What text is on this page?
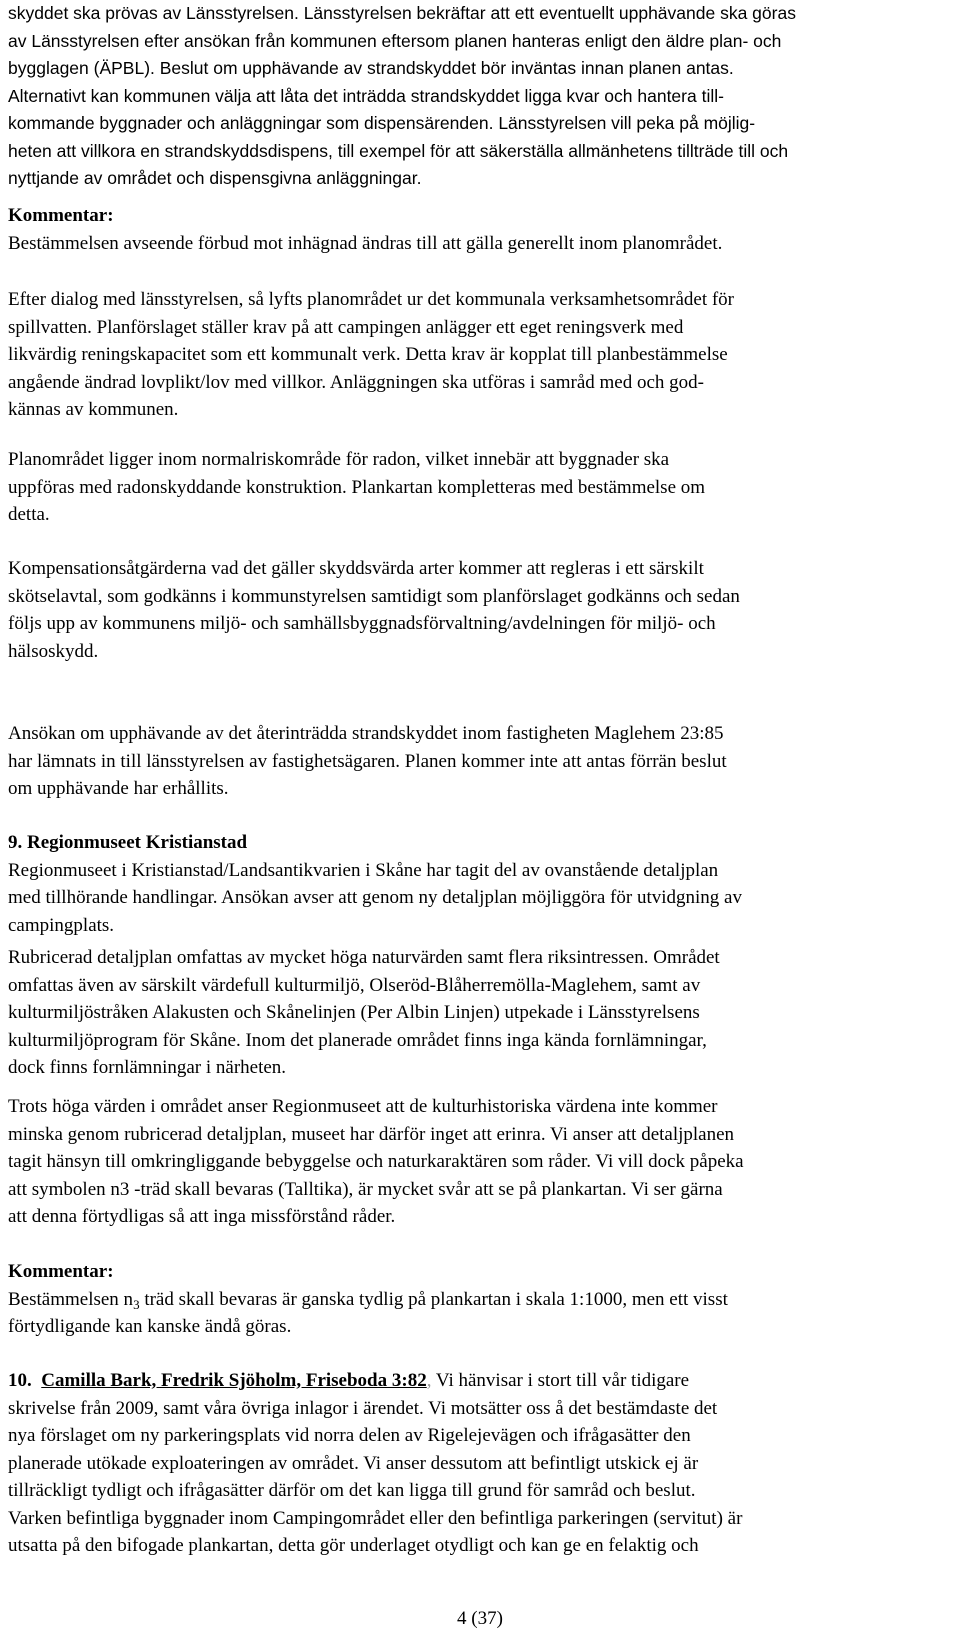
skyddet ska prövas av Länsstyrelsen. Länsstyrelsen bekräftar att ett eventuellt upphävande ska göras
av Länsstyrelsen efter ansökan från kommunen eftersom planen hanteras enligt den äldre plan- och
bygglagen (ÄPBL). Beslut om upphävande av strandskyddet bör inväntas innan planen antas.
Alternativt kan kommunen välja att låta det inträdda strandskyddet ligga kvar och hantera till-
kommande byggnader och anläggningar som dispensärenden. Länsstyrelsen vill peka på möjlig-
heten att villkora en strandskyddsdispens, till exempel för att säkerställa allmänhetens tillträde till och
nyttjande av området och dispensgivna anläggningar.

Kommentar:
Bestämmelsen avseende förbud mot inhägnad ändras till att gälla generellt inom planområdet.

Efter dialog med länsstyrelsen, så lyfts planområdet ur det kommunala verksamhetsområdet för
spillvatten. Planförslaget ställer krav på att campingen anlägger ett eget reningsverk med
likvärdig reningskapacitet som ett kommunalt verk. Detta krav är kopplat till planbestämmelse
angående ändrad lovplikt/lov med villkor. Anläggningen ska utföras i samråd med och god-
kännas av kommunen.

Planområdet ligger inom normalriskområde för radon, vilket innebär att byggnader ska
uppföras med radonskyddande konstruktion. Plankartan kompletteras med bestämmelse om
detta.

Kompensationsåtgärderna vad det gäller skyddsvärda arter kommer att regleras i ett särskilt
skötselavtal, som godkänns i kommunstyrelsen samtidigt som planförslaget godkänns och sedan
följs upp av kommunens miljö- och samhällsbyggnadsförvaltning/avdelningen för miljö- och
hälsoskydd.

Ansökan om upphävande av det återinträdda strandskyddet inom fastigheten Maglehem 23:85
har lämnats in till länsstyrelsen av fastighetsägaren. Planen kommer inte att antas förrän beslut
om upphävande har erhållits.

9. Regionmuseet Kristianstad
Regionmuseet i Kristianstad/Landsantikvarien i Skåne har tagit del av ovanstående detaljplan
med tillhörande handlingar. Ansökan avser att genom ny detaljplan möjliggöra för utvidgning av
campingplats.

Rubricerad detaljplan omfattas av mycket höga naturvärden samt flera riksintressen. Området
omfattas även av särskilt värdefull kulturmiljö, Olseröd-Blåherremölla-Maglehem, samt av
kulturmiljöstråken Alakusten och Skånelinjen (Per Albin Linjen) utpekade i Länsstyrelsens
kulturmiljöprogram för Skåne. Inom det planerade området finns inga kända fornlämningar,
dock finns fornlämningar i närheten.

Trots höga värden i området anser Regionmuseet att de kulturhistoriska värdena inte kommer
minska genom rubricerad detaljplan, museet har därför inget att erinra. Vi anser att detaljplanen
tagit hänsyn till omkringliggande bebyggelse och naturkaraktären som råder. Vi vill dock påpeka
att symbolen n3 -träd skall bevaras (Talltika), är mycket svår att se på plankartan. Vi ser gärna
att denna förtydligas så att inga missförstånd råder.

Kommentar:
Bestämmelsen $n_3$ träd skall bevaras är ganska tydlig på plankartan i skala 1:1000, men ett visst
förtydligande kan kanske ändå göras.

10. Camilla Bark, Fredrik Sjöholm, Friseboda 3:82, Vi hänvisar i stort till vår tidigare
skrivelse från 2009, samt våra övriga inlagor i ärendet. Vi motsätter oss å det bestämdaste det
nya förslaget om ny parkeringsplats vid norra delen av Rigelejevägen och ifrågasätter den
planerade utökade exploateringen av området. Vi anser dessutom att befintligt utskick ej är
tillräckligt tydligt och ifrågasätter därför om det kan ligga till grund för samråd och beslut.
Varken befintliga byggnader inom Campingområdet eller den befintliga parkeringen (servitut) är
utsatta på den bifogade plankartan, detta gör underlaget otydligt och kan ge en felaktig och

4 (37)
